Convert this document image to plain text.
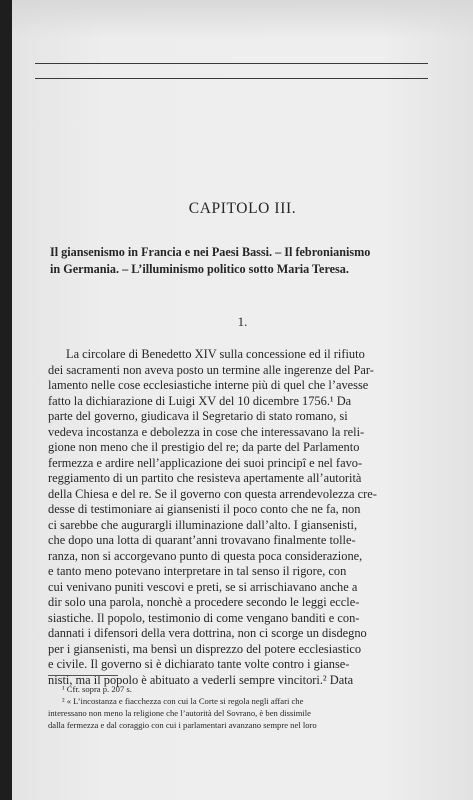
CAPITOLO III.
Il giansenismo in Francia e nei Paesi Bassi. – Il febronianismo
in Germania. – L’illuminismo politico sotto Maria Teresa.
1.
La circolare di Benedetto XIV sulla concessione ed il rifiuto
dei sacramenti non aveva posto un termine alle ingerenze del Par-
lamento nelle cose ecclesiastiche interne più di quel che l’avesse
fatto la dichiarazione di Luigi XV del 10 dicembre 1756.¹ Da
parte del governo, giudicava il Segretario di stato romano, si
vedeva incostanza e debolezza in cose che interessavano la reli-
gione non meno che il prestigio del re; da parte del Parlamento
fermezza e ardire nell’applicazione dei suoi principî e nel favo-
reggiamento di un partito che resisteva apertamente all’autorità
della Chiesa e del re. Se il governo con questa arrendevolezza cre-
desse di testimoniare ai giansenisti il poco conto che ne fa, non
ci sarebbe che augurargli illuminazione dall’alto. I giansenisti,
che dopo una lotta di quarant’anni trovavano finalmente tolle-
ranza, non si accorgevano punto di questa poca considerazione,
e tanto meno potevano interpretare in tal senso il rigore, con
cui venivano puniti vescovi e preti, se si arrischiavano anche a
dir solo una parola, nonchè a procedere secondo le leggi eccle-
siastiche. Il popolo, testimonio di come vengano banditi e con-
dannati i difensori della vera dottrina, non ci scorge un disdegno
per i giansenisti, ma bensì un disprezzo del potere ecclesiastico
e civile. Il governo si è dichiarato tante volte contro i gianse-
nisti, ma il popolo è abituato a vederli sempre vincitori.² Data
¹ Cfr. sopra p. 207 s.
² « L’incostanza e fiacchezza con cui la Corte si regola negli affari che
interessano non meno la religione che l’autorità del Sovrano, è ben dissimile
dalla fermezza e dal coraggio con cui i parlamentari avanzano sempre nel loro
